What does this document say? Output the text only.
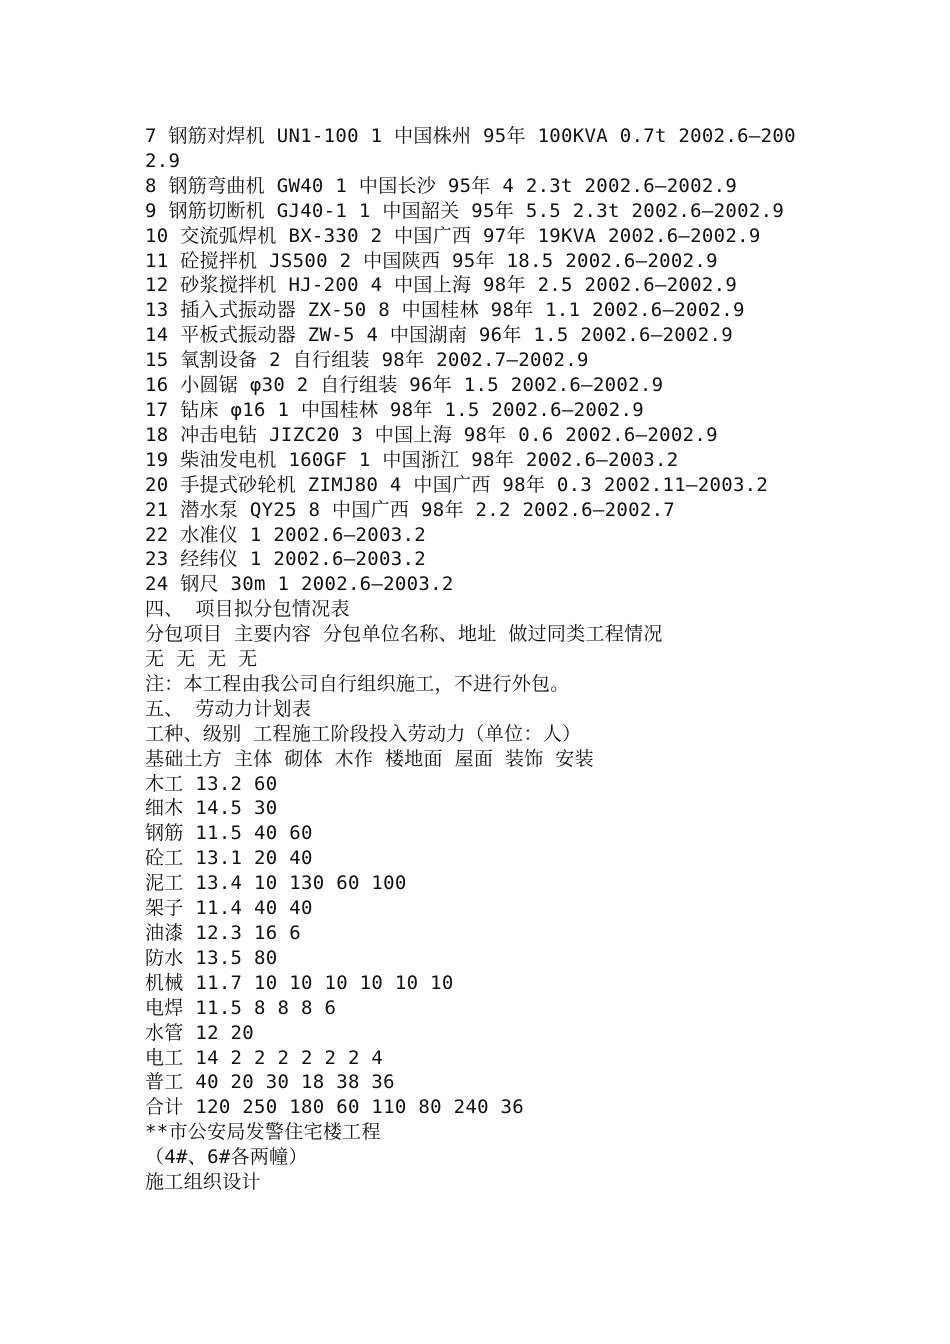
7 钢筋对焊机 UN1-100 1 中国株州 95年 100KVA 0.7t 2002.6—2002.9
8 钢筋弯曲机 GW40 1 中国长沙 95年 4 2.3t 2002.6—2002.9
9 钢筋切断机 GJ40-1 1 中国韶关 95年 5.5 2.3t 2002.6—2002.9
10 交流弧焊机 BX-330 2 中国广西 97年 19KVA 2002.6—2002.9
11 砼搅拌机 JS500 2 中国陕西 95年 18.5 2002.6—2002.9
12 砂浆搅拌机 HJ-200 4 中国上海 98年 2.5 2002.6—2002.9
13 插入式振动器 ZX-50 8 中国桂林 98年 1.1 2002.6—2002.9
14 平板式振动器 ZW-5 4 中国湖南 96年 1.5 2002.6—2002.9
15 氧割设备 2 自行组装 98年 2002.7—2002.9
16 小圆锯 φ30 2 自行组装 96年 1.5 2002.6—2002.9
17 钻床 φ16 1 中国桂林 98年 1.5 2002.6—2002.9
18 冲击电钻 JIZC20 3 中国上海 98年 0.6 2002.6—2002.9
19 柴油发电机 160GF 1 中国浙江 98年 2002.6—2003.2
20 手提式砂轮机 ZIMJ80 4 中国广西 98年 0.3 2002.11—2003.2
21 潜水泵 QY25 8 中国广西 98年 2.2 2002.6—2002.7
22 水准仪 1 2002.6—2003.2
23 经纬仪 1 2002.6—2003.2
24 钢尺 30m 1 2002.6—2003.2
四、 项目拟分包情况表
分包项目 主要内容 分包单位名称、地址 做过同类工程情况
无 无 无 无
注：本工程由我公司自行组织施工，不进行外包。
五、 劳动力计划表
工种、级别 工程施工阶段投入劳动力（单位：人）
基础土方 主体 砌体 木作 楼地面 屋面 装饰 安装
木工 13.2 60
细木 14.5 30
钢筋 11.5 40 60
砼工 13.1 20 40
泥工 13.4 10 130 60 100
架子 11.4 40 40
油漆 12.3 16 6
防水 13.5 80
机械 11.7 10 10 10 10 10 10
电焊 11.5 8 8 8 6
水管 12 20
电工 14 2 2 2 2 2 2 4
普工 40 20 30 18 38 36
合计 120 250 180 60 110 80 240 36
**市公安局发警住宅楼工程
（4#、6#各两幢）
施工组织设计
